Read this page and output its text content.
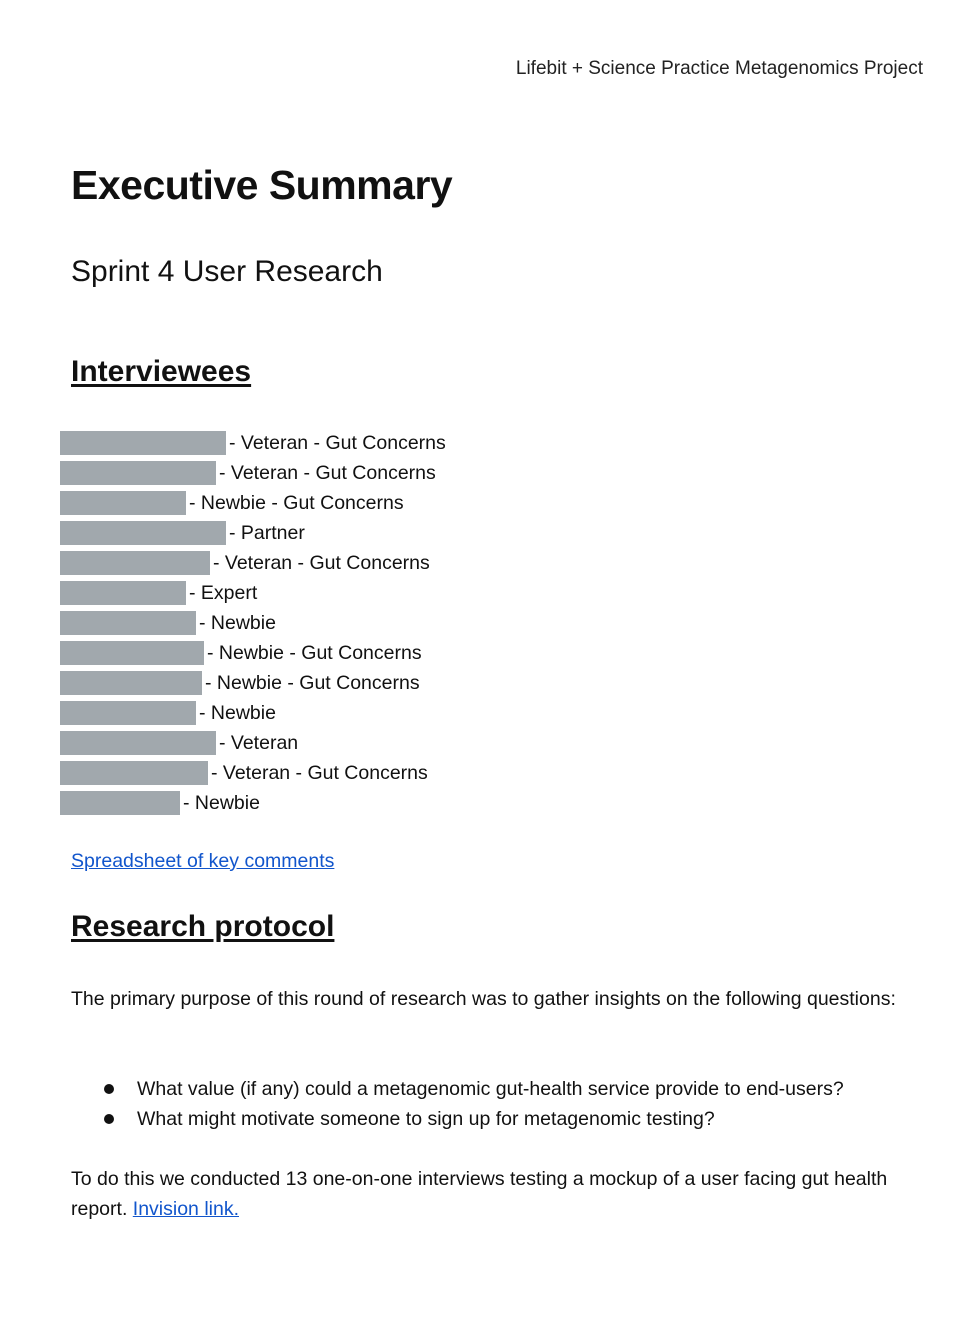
Lifebit + Science Practice Metagenomics Project
Executive Summary
Sprint 4 User Research
Interviewees
- Veteran - Gut Concerns
- Veteran - Gut Concerns
- Newbie - Gut Concerns
- Partner
- Veteran - Gut Concerns
- Expert
- Newbie
- Newbie - Gut Concerns
- Newbie - Gut Concerns
- Newbie
- Veteran
- Veteran - Gut Concerns
- Newbie
Spreadsheet of key comments
Research protocol

The primary purpose of this round of research was to gather insights on the following questions:

What value (if any) could a metagenomic gut-health service provide to end-users?
What might motivate someone to sign up for metagenomic testing?

To do this we conducted 13 one-on-one interviews testing a mockup of a user facing gut health report. Invision link.
